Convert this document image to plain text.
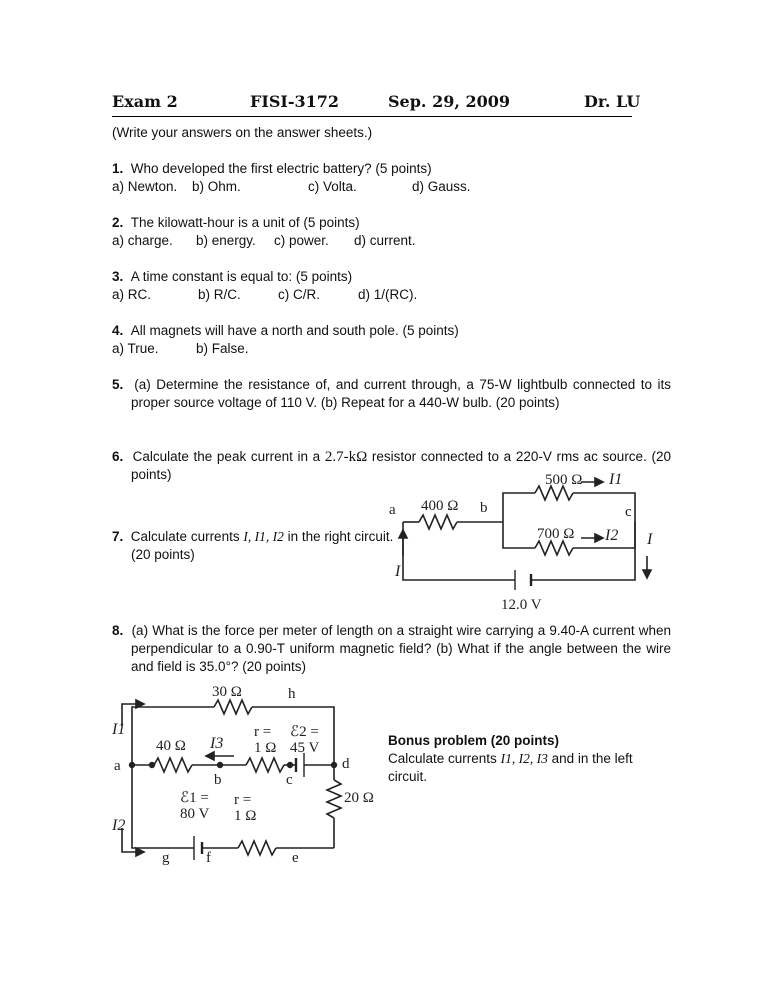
Exam 2	FISI-3172	Sep. 29, 2009	Dr. LU
(Write your answers on the answer sheets.)
1. Who developed the first electric battery? (5 points)
a) Newton.	b) Ohm.	c) Volta.	d) Gauss.
2. The kilowatt-hour is a unit of (5 points)
a) charge.	b) energy.	c) power.	d) current.
3. A time constant is equal to: (5 points)
a) RC.	b) R/C.	c) C/R.	d) 1/(RC).
4. All magnets will have a north and south pole. (5 points)
a) True.	b) False.
5. (a) Determine the resistance of, and current through, a 75-W lightbulb connected to its proper source voltage of 110 V. (b) Repeat for a 440-W bulb. (20 points)
6. Calculate the peak current in a 2.7-kΩ resistor connected to a 220-V rms ac source. (20 points)
7. Calculate currents I, I1, I2 in the right circuit. (20 points)
500 Ω I1
400 Ω
a	b	c
700 Ω I2
I
I
12.0 V
8. (a) What is the force per meter of length on a straight wire carrying a 9.40-A current when perpendicular to a 0.90-T uniform magnetic field? (b) What if the angle between the wire and field is 35.0°? (20 points)
30 Ω	h
I1
40 Ω I3
r =
1 Ω
ℰ2 =
45 V
a
b	c
d
20 Ω
I2
ℰ1 =
80 V
r =
1 Ω
g f	e
Bonus problem (20 points)
Calculate currents I1, I2, I3 and in the left circuit.
